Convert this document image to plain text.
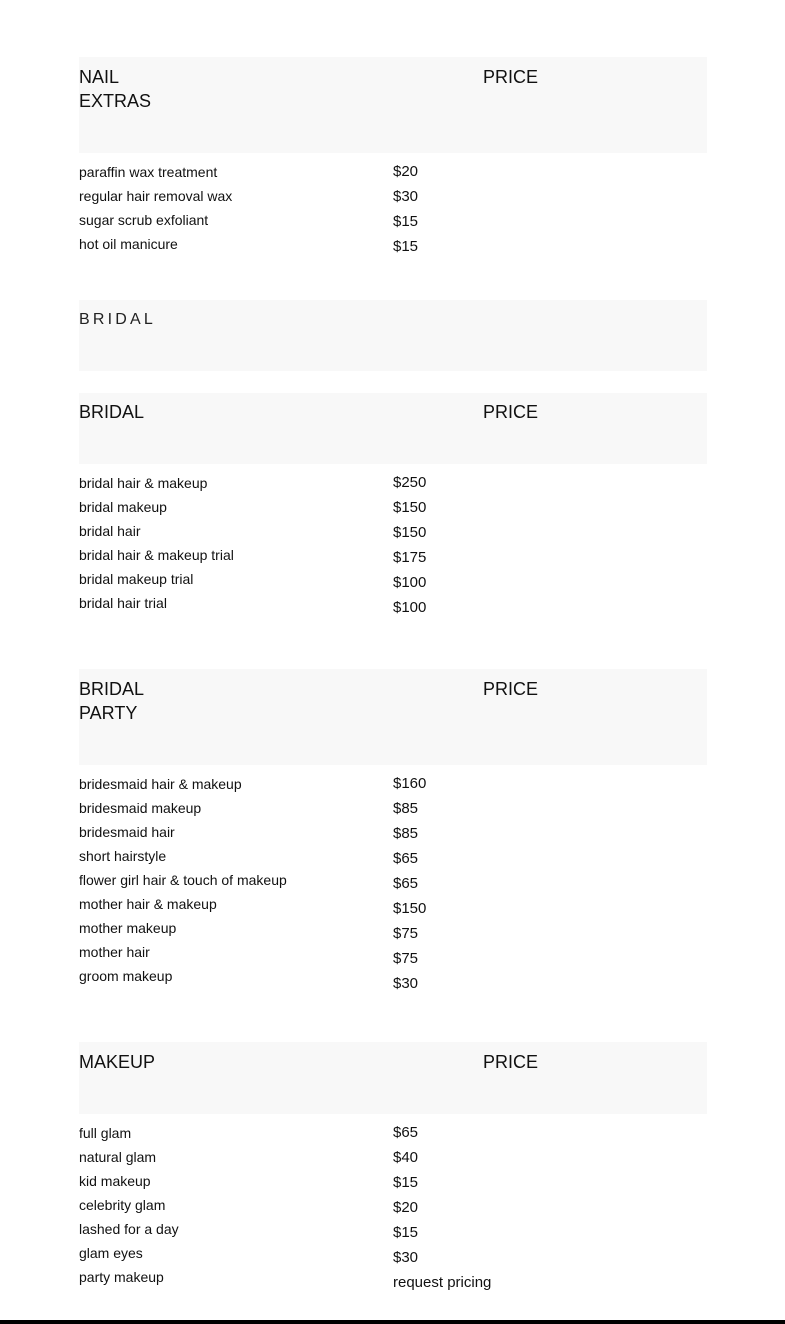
NAIL
EXTRAS
PRICE
paraffin wax treatment
regular hair removal wax
sugar scrub exfoliant
hot oil manicure
$20
$30
$15
$15
BRIDAL
BRIDAL	PRICE
bridal hair & makeup
bridal makeup
bridal hair
bridal hair & makeup trial
bridal makeup trial
bridal hair trial
$250
$150
$150
$175
$100
$100
BRIDAL
PARTY
PRICE
bridesmaid hair & makeup
bridesmaid makeup
bridesmaid hair
short hairstyle
flower girl hair & touch of makeup
mother hair & makeup
mother makeup
mother hair
groom makeup
$160
$85
$85
$65
$65
$150
$75
$75
$30
MAKEUP	PRICE
full glam
natural glam
kid makeup
celebrity glam
lashed for a day
glam eyes
party makeup
$65
$40
$15
$20
$15
$30
request pricing
